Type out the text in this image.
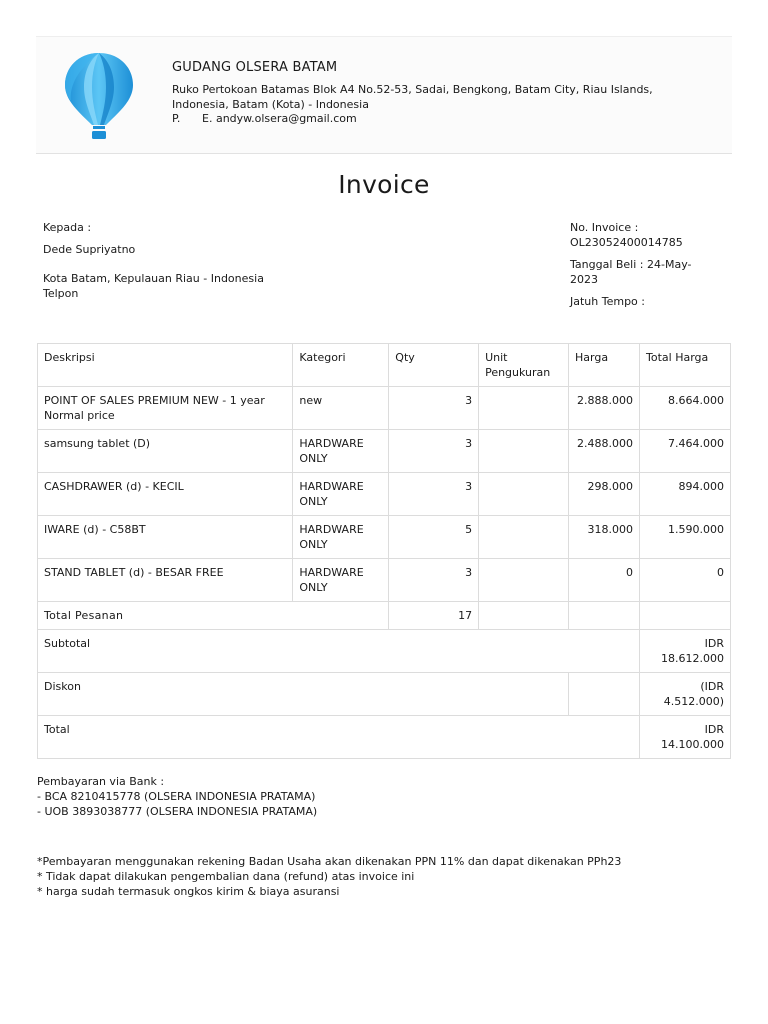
GUDANG OLSERA BATAM
Ruko Pertokoan Batamas Blok A4 No.52-53, Sadai, Bengkong, Batam City, Riau Islands, Indonesia, Batam (Kota) - Indonesia
P. E. andyw.olsera@gmail.com
Invoice
Kepada :
Dede Supriyatno
Kota Batam, Kepulauan Riau - Indonesia
Telpon
No. Invoice :
OL23052400014785
Tanggal Beli : 24-May-2023
Jatuh Tempo :
Deskripsi	Kategori	Qty	Unit Pengukuran	Harga	Total Harga
POINT OF SALES PREMIUM NEW - 1 year Normal price	new	3		2.888.000	8.664.000
samsung tablet (D)	HARDWARE ONLY	3		2.488.000	7.464.000
CASHDRAWER (d) - KECIL	HARDWARE ONLY	3		298.000	894.000
IWARE (d) - C58BT	HARDWARE ONLY	5		318.000	1.590.000
STAND TABLET (d) - BESAR FREE	HARDWARE ONLY	3		0	0
Total Pesanan		17			
Subtotal					IDR 18.612.000
Diskon					(IDR 4.512.000)
Total					IDR 14.100.000
Pembayaran via Bank :
- BCA 8210415778 (OLSERA INDONESIA PRATAMA)
- UOB 3893038777 (OLSERA INDONESIA PRATAMA)
*Pembayaran menggunakan rekening Badan Usaha akan dikenakan PPN 11% dan dapat dikenakan PPh23
* Tidak dapat dilakukan pengembalian dana (refund) atas invoice ini
* harga sudah termasuk ongkos kirim & biaya asuransi
